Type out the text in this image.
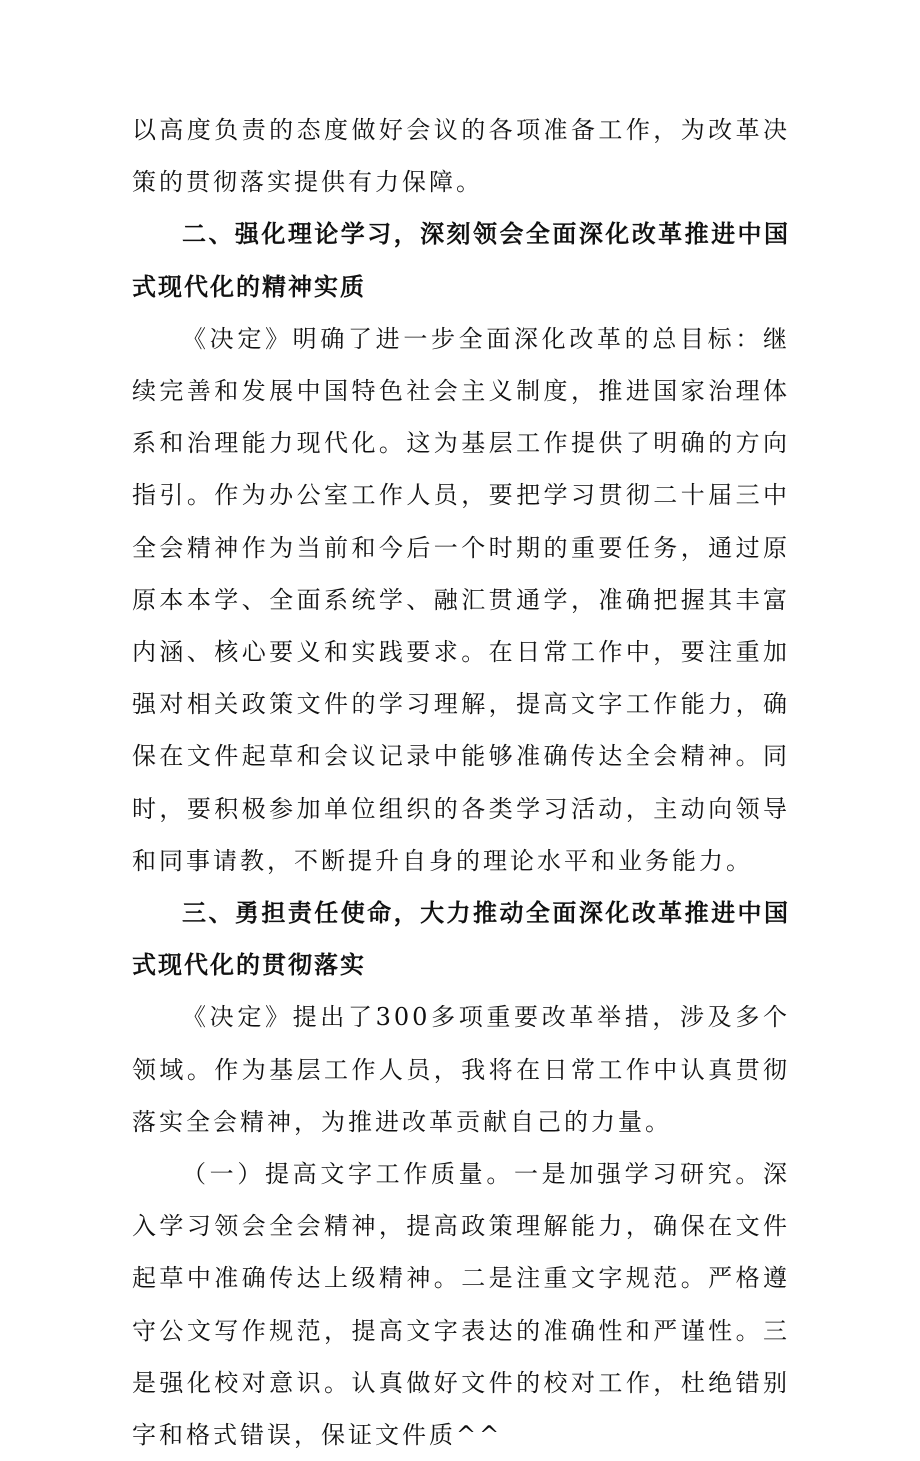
以高度负责的态度做好会议的各项准备工作，为改革决策的贯彻落实提供有力保障。

二、强化理论学习，深刻领会全面深化改革推进中国式现代化的精神实质

《决定》明确了进一步全面深化改革的总目标：继续完善和发展中国特色社会主义制度，推进国家治理体系和治理能力现代化。这为基层工作提供了明确的方向指引。作为办公室工作人员，要把学习贯彻二十届三中全会精神作为当前和今后一个时期的重要任务，通过原原本本学、全面系统学、融汇贯通学，准确把握其丰富内涵、核心要义和实践要求。在日常工作中，要注重加强对相关政策文件的学习理解，提高文字工作能力，确保在文件起草和会议记录中能够准确传达全会精神。同时，要积极参加单位组织的各类学习活动，主动向领导和同事请教，不断提升自身的理论水平和业务能力。

三、勇担责任使命，大力推动全面深化改革推进中国式现代化的贯彻落实

《决定》提出了300多项重要改革举措，涉及多个领域。作为基层工作人员，我将在日常工作中认真贯彻落实全会精神，为推进改革贡献自己的力量。

（一）提高文字工作质量。一是加强学习研究。深入学习领会全会精神，提高政策理解能力，确保在文件起草中准确传达上级精神。二是注重文字规范。严格遵守公文写作规范，提高文字表达的准确性和严谨性。三是强化校对意识。认真做好文件的校对工作，杜绝错别字和格式错误，保证文件质^^
